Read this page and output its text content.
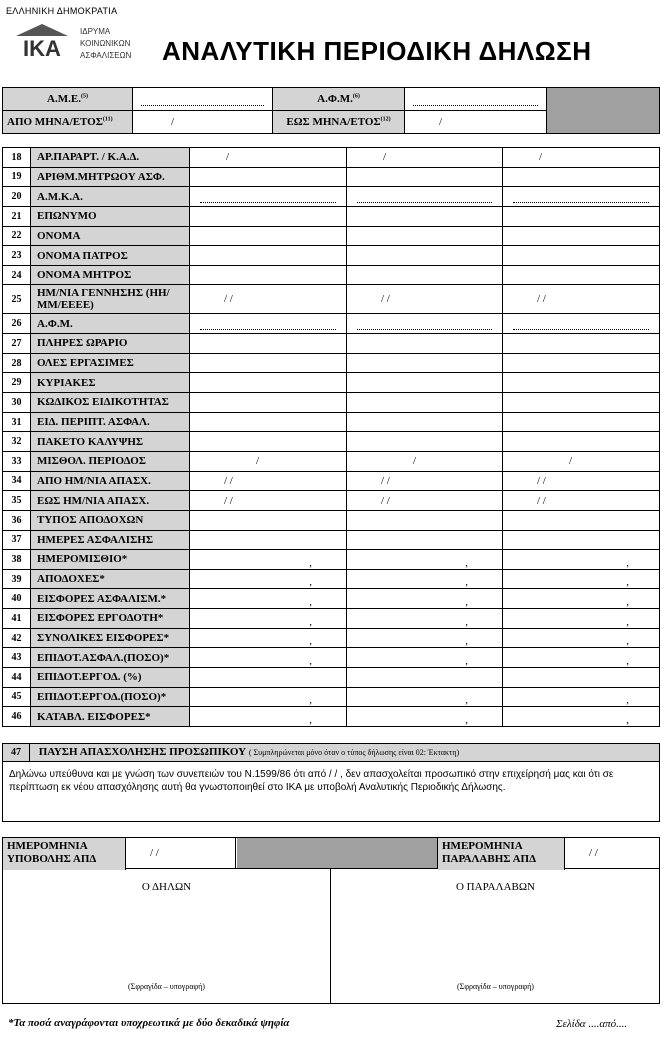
ΕΛΛΗΝΙΚΗ ΔΗΜΟΚΡΑΤΙΑ
ΙΚΑ
ΙΔΡΥΜΑ
ΚΟΙΝΩΝΙΚΩΝ
ΑΣΦΑΛΙΣΕΩΝ ΑΝΑΛΥΤΙΚΗ ΠΕΡΙΟΔΙΚΗ ΔΗΛΩΣΗ
Α.Μ.Ε.$^{(5)}$		Α.Φ.Μ.$^{(6)}$	

ΑΠΟ ΜΗΝΑ/ΕΤΟΣ$^{(11)}$	/	ΕΩΣ ΜΗΝΑ/ΕΤΟΣ$^{(12)}$	/	
18	ΑΡ.ΠΑΡΑΡΤ. / Κ.Α.Δ.	/	/	/
19	ΑΡΙΘΜ.ΜΗΤΡΩΟΥ ΑΣΦ.			
20	Α.Μ.Κ.Α.	

21	ΕΠΩΝΥΜΟ			
22	ΟΝΟΜΑ			
23	ΟΝΟΜΑ ΠΑΤΡΟΣ			
24	ΟΝΟΜΑ ΜΗΤΡΟΣ			
25	ΗΜ/ΝΙΑ ΓΕΝΝΗΣΗΣ (ΗΗ/ΜΜ/ΕΕΕΕ)	/ /	/ /	/ /
26	Α.Φ.Μ.	

27	ΠΛΗΡΕΣ ΩΡΑΡΙΟ			
28	ΟΛΕΣ ΕΡΓΑΣΙΜΕΣ			
29	ΚΥΡΙΑΚΕΣ			
30	ΚΩΔΙΚΟΣ ΕΙΔΙΚΟΤΗΤΑΣ			
31	ΕΙΔ. ΠΕΡΙΠΤ. ΑΣΦΑΛ.			
32	ΠΑΚΕΤΟ ΚΑΛΥΨΗΣ			
33	ΜΙΣΘΟΛ. ΠΕΡΙΟΔΟΣ	/	/	/
34	ΑΠΟ ΗΜ/ΝΙΑ ΑΠΑΣΧ.	/ /	/ /	/ /
35	ΕΩΣ ΗΜ/ΝΙΑ ΑΠΑΣΧ.	/ /	/ /	/ /
36	ΤΥΠΟΣ ΑΠΟΔΟΧΩΝ			
37	ΗΜΕΡΕΣ ΑΣΦΑΛΙΣΗΣ			
38	ΗΜΕΡΟΜΙΣΘΙΟ*	,	,	,
39	ΑΠΟΔΟΧΕΣ*	,	,	,
40	ΕΙΣΦΟΡΕΣ ΑΣΦΑΛΙΣΜ.*	,	,	,
41	ΕΙΣΦΟΡΕΣ ΕΡΓΟΔΟΤΗ*	,	,	,
42	ΣΥΝΟΛΙΚΕΣ ΕΙΣΦΟΡΕΣ*	,	,	,
43	ΕΠΙΔΟΤ.ΑΣΦΑΛ.(ΠΟΣΟ)*	,	,	,
44	ΕΠΙΔΟΤ.ΕΡΓΟΔ. (%)			
45	ΕΠΙΔΟΤ.ΕΡΓΟΔ.(ΠΟΣΟ)*	,	,	,
46	ΚΑΤΑΒΛ. ΕΙΣΦΟΡΕΣ*	,	,	,
47 ΠΑΥΣΗ ΑΠΑΣΧΟΛΗΣΗΣ ΠΡΟΣΩΠΙΚΟΥ ( Συμπληρώνεται μόνο όταν ο τύπος δήλωσης είναι 02: Έκτακτη)
Δηλώνω υπεύθυνα και με γνώση των συνεπειών του Ν.1599/86 ότι από / / , δεν απασχολείται προσωπικό στην επιχείρησή μας και ότι σε περίπτωση εκ νέου απασχόλησης αυτή θα γνωστοποιηθεί στο ΙΚΑ με υποβολή Αναλυτικής Περιοδικής Δήλωσης.
ΗΜΕΡΟΜΗΝΙΑ ΥΠΟΒΟΛΗΣ ΑΠΔ	/ /
ΗΜΕΡΟΜΗΝΙΑ ΠΑΡΑΛΑΒΗΣ ΑΠΔ	/ /
Ο ΔΗΛΩΝ
(Σφραγίδα – υπογραφή)
Ο ΠΑΡΑΛΑΒΩΝ
(Σφραγίδα – υπογραφή)
*Τα ποσά αναγράφονται υποχρεωτικά με δύο δεκαδικά ψηφία	Σελίδα ....από....
